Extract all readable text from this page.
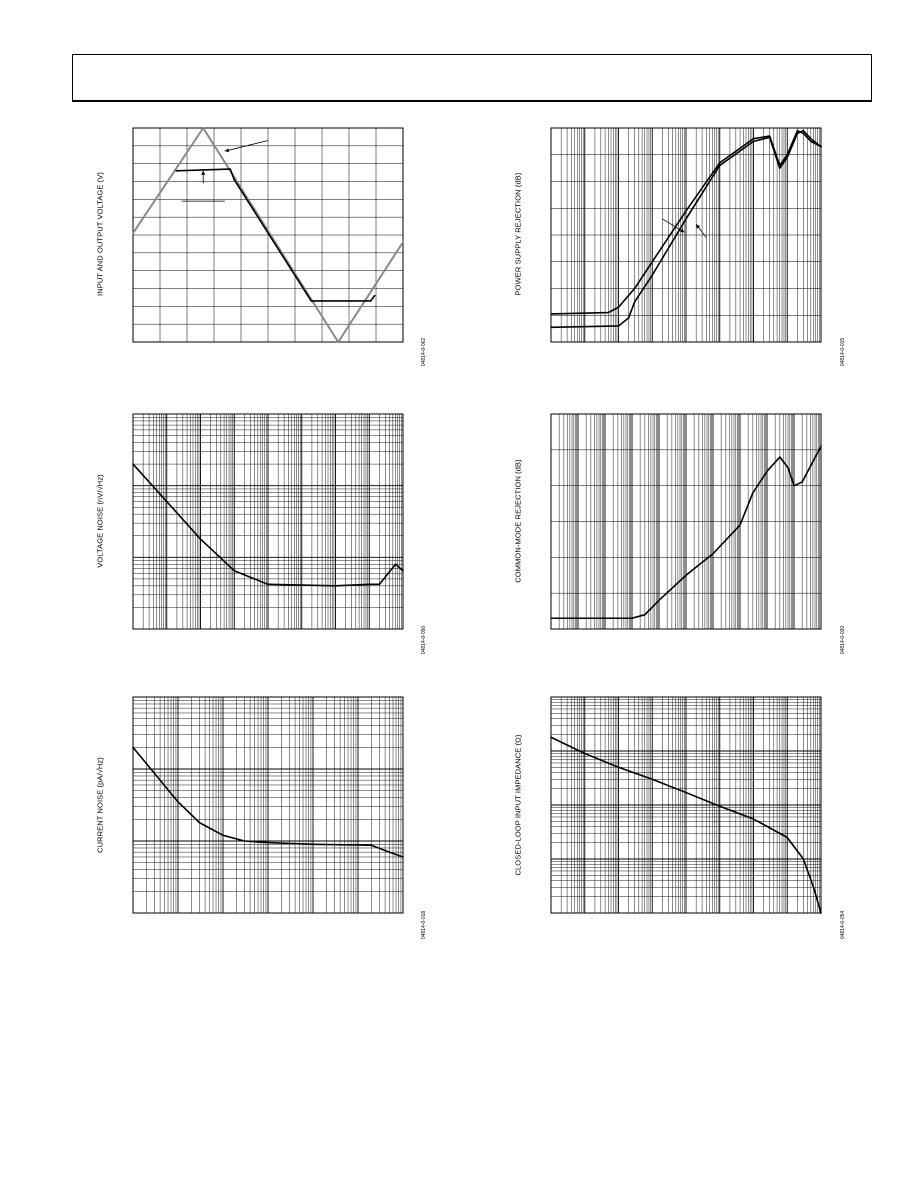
INPUT AND OUTPUT VOLTAGE (V)
04814-0-062
POWER SUPPLY REJECTION (dB)
04814-0-015
VOLTAGE NOISE (nV/√Hz)
04814-0-050
COMMON-MODE REJECTION (dB)
04814-0-020
CURRENT NOISE (pA/√Hz)
04814-0-018
CLOSED-LOOP INPUT IMPEDANCE (Ω)
04814-0-054
